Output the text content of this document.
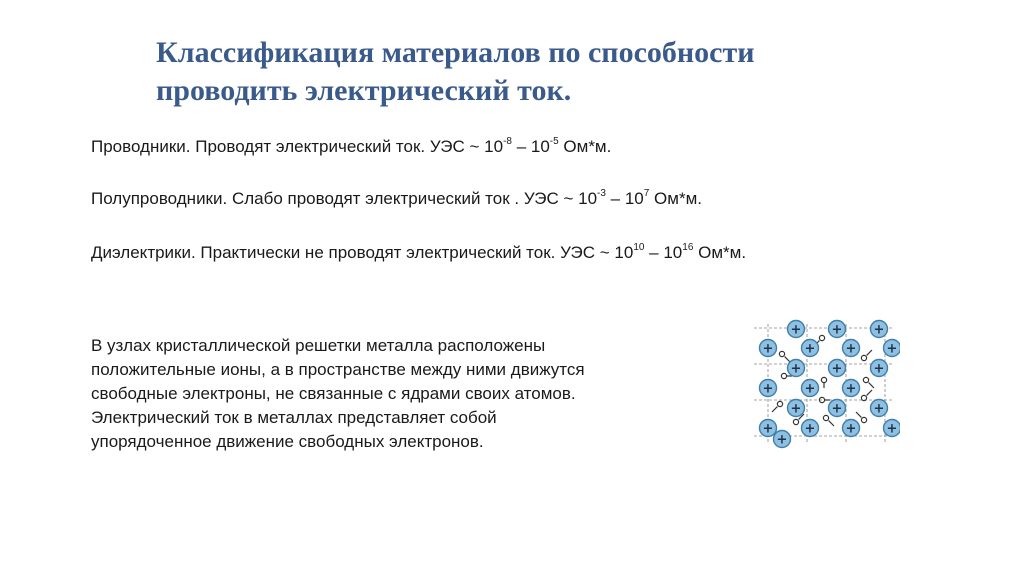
Классификация материалов по способности
проводить электрический ток.
Проводники. Проводят электрический ток. УЭС ~ $10^{-8} - 10^{-5}$ Ом*м.
Полупроводники. Слабо проводят электрический ток . УЭС ~ $10^{-3} - 10^7$ Ом*м.
Диэлектрики. Практически не проводят электрический ток. УЭС ~ $10^{10} - 10^{16}$ Ом*м.

В узлах кристаллической решетки металла расположены
положительные ионы, а в пространстве между ними движутся
свободные электроны, не связанные с ядрами своих атомов.
Электрический ток в металлах представляет собой
упорядоченное движение свободных электронов.

+ + +
+ + + +
+ + +
+ + +
+ + +
+ + + +
+
